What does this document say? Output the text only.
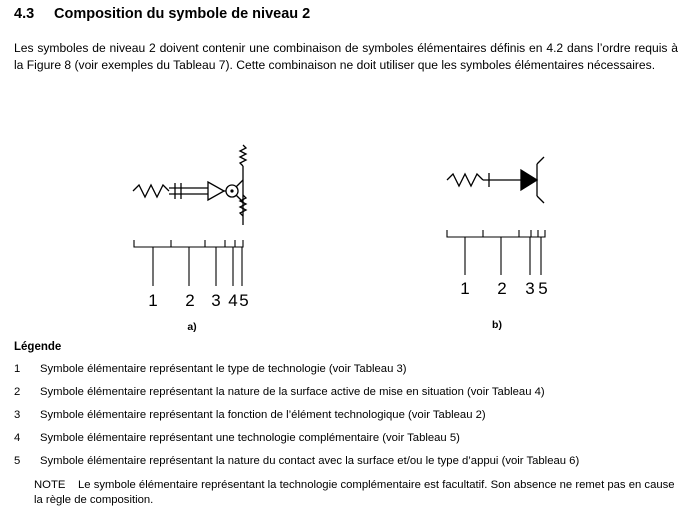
4.3 Composition du symbole de niveau 2
Les symboles de niveau 2 doivent contenir une combinaison de symboles élémentaires définis en 4.2 dans l’ordre requis à la Figure 8 (voir exemples du Tableau 7). Cette combinaison ne doit utiliser que les symboles élémentaires nécessaires.
1 2 3 4 5
a)
1 2 3 5
b)
Légende
1	Symbole élémentaire représentant le type de technologie (voir Tableau 3)
2	Symbole élémentaire représentant la nature de la surface active de mise en situation (voir Tableau 4)
3	Symbole élémentaire représentant la fonction de l’élément technologique (voir Tableau 2)
4	Symbole élémentaire représentant une technologie complémentaire (voir Tableau 5)
5	Symbole élémentaire représentant la nature du contact avec la surface et/ou le type d’appui (voir Tableau 6)
NOTE Le symbole élémentaire représentant la technologie complémentaire est facultatif. Son absence ne remet pas en cause la règle de composition.
